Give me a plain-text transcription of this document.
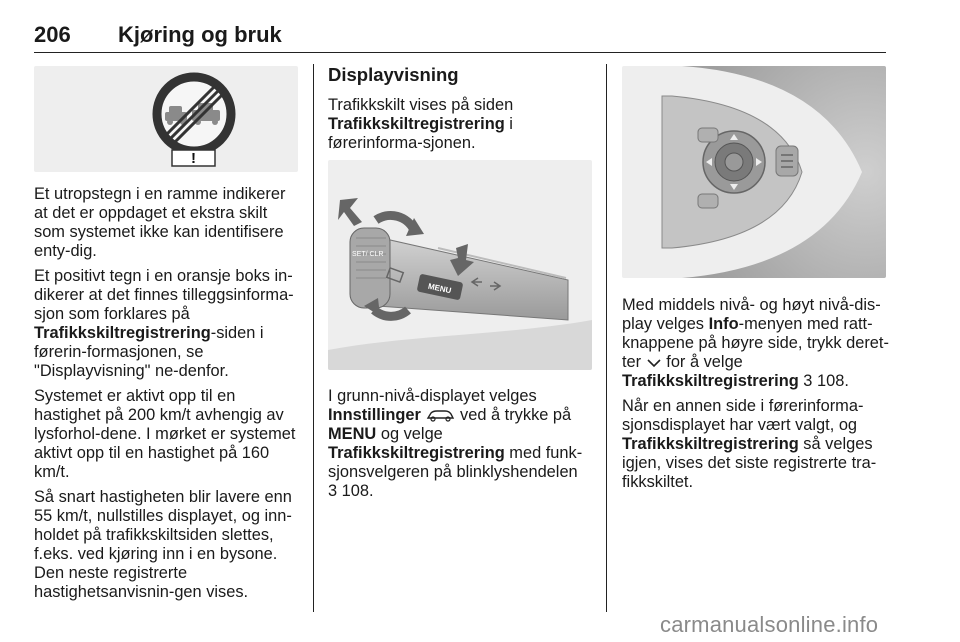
206 Kjøring og bruk
!

Et utropstegn i en ramme indikerer at det er oppdaget et ekstra skilt som systemet ikke kan identifisere enty-dig.

Et positivt tegn i en oransje boks in-dikerer at det finnes tilleggsinforma-sjon som forklares på Trafikkskiltregistrering-siden i førerin-formasjonen, se "Displayvisning" ne-denfor.

Systemet er aktivt opp til en hastighet på 200 km/t avhengig av lysforhol-dene. I mørket er systemet aktivt opp til en hastighet på 160 km/t.

Så snart hastigheten blir lavere enn 55 km/t, nullstilles displayet, og inn-holdet på trafikkskiltsiden slettes, f.eks. ved kjøring inn i en bysone. Den neste registrerte hastighetsanvisnin-gen vises.

Displayvisning

Trafikkskilt vises på siden
Trafikkskiltregistrering i førerinforma-sjonen.

SET/ CLR
MENU

I grunn-nivå-displayet velges
Innstillinger ved å trykke på
MENU og velge
Trafikkskiltregistrering med funk-sjonsvelgeren på blinklyshendelen
3 108.

Med middels nivå- og høyt nivå-dis-play velges Info-menyen med ratt-knappene på høyre side, trykk deret-ter for å velge
Trafikkskiltregistrering 3 108.

Når en annen side i førerinforma-sjonsdisplayet har vært valgt, og
Trafikkskiltregistrering så velges igjen, vises det siste registrerte tra-fikkskiltet.

carmanualsonline.info
